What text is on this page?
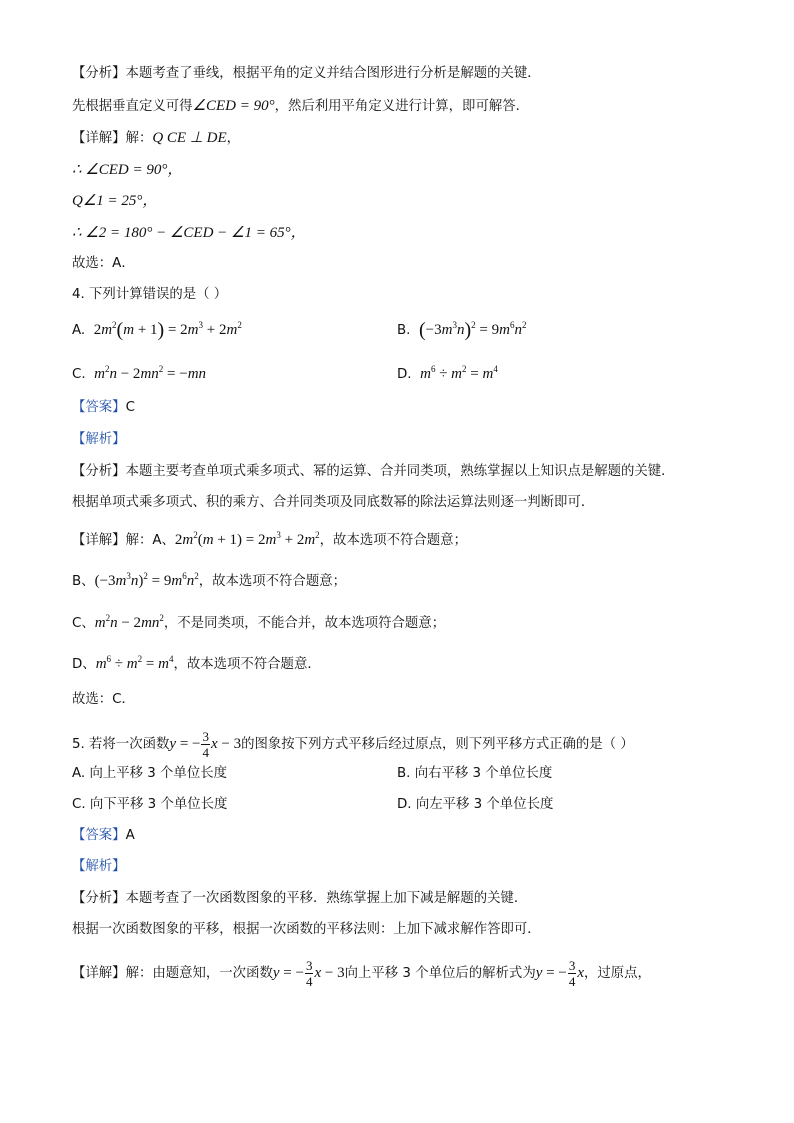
【分析】本题考查了垂线，根据平角的定义并结合图形进行分析是解题的关键．
先根据垂直定义可得∠CED = 90°，然后利用平角定义进行计算，即可解答．
【详解】解：Q CE ⊥ DE，
∴ ∠CED = 90°，
Q∠1 = 25°，
∴ ∠2 = 180° − ∠CED − ∠1 = 65°，
故选：A．
4. 下列计算错误的是（ ）
A. $2m^2(m + 1) = 2m^3 + 2m^2$	B. $(-3m^3n)^2 = 9m^6n^2$
C. $m^2n - 2mn^2 = -mn$	D. $m^6 \div m^2 = m^4$
【答案】C
【解析】
【分析】本题主要考查单项式乘多项式、幂的运算、合并同类项，熟练掌握以上知识点是解题的关键．
根据单项式乘多项式、积的乘方、合并同类项及同底数幂的除法运算法则逐一判断即可．
【详解】解：A、$2m^2(m + 1) = 2m^3 + 2m^2$，故本选项不符合题意；
B、$(-3m^3n)^2 = 9m^6n^2$，故本选项不符合题意；
C、$m^2n - 2mn^2$，不是同类项，不能合并，故本选项符合题意；
D、$m^6 \div m^2 = m^4$，故本选项不符合题意．
故选：C．
5. 若将一次函数y = − $\frac{3}{4}$ x − 3的图象按下列方式平移后经过原点，则下列平移方式正确的是（ ）
A. 向上平移 3 个单位长度	B. 向右平移 3 个单位长度
C. 向下平移 3 个单位长度	D. 向左平移 3 个单位长度
【答案】A
【解析】
【分析】本题考查了一次函数图象的平移．熟练掌握上加下减是解题的关键．
根据一次函数图象的平移，根据一次函数的平移法则：上加下减求解作答即可．
【详解】解：由题意知，一次函数y = − $\frac{3}{4}$ x − 3向上平移 3 个单位后的解析式为y = − $\frac{3}{4}$ x，过原点，
